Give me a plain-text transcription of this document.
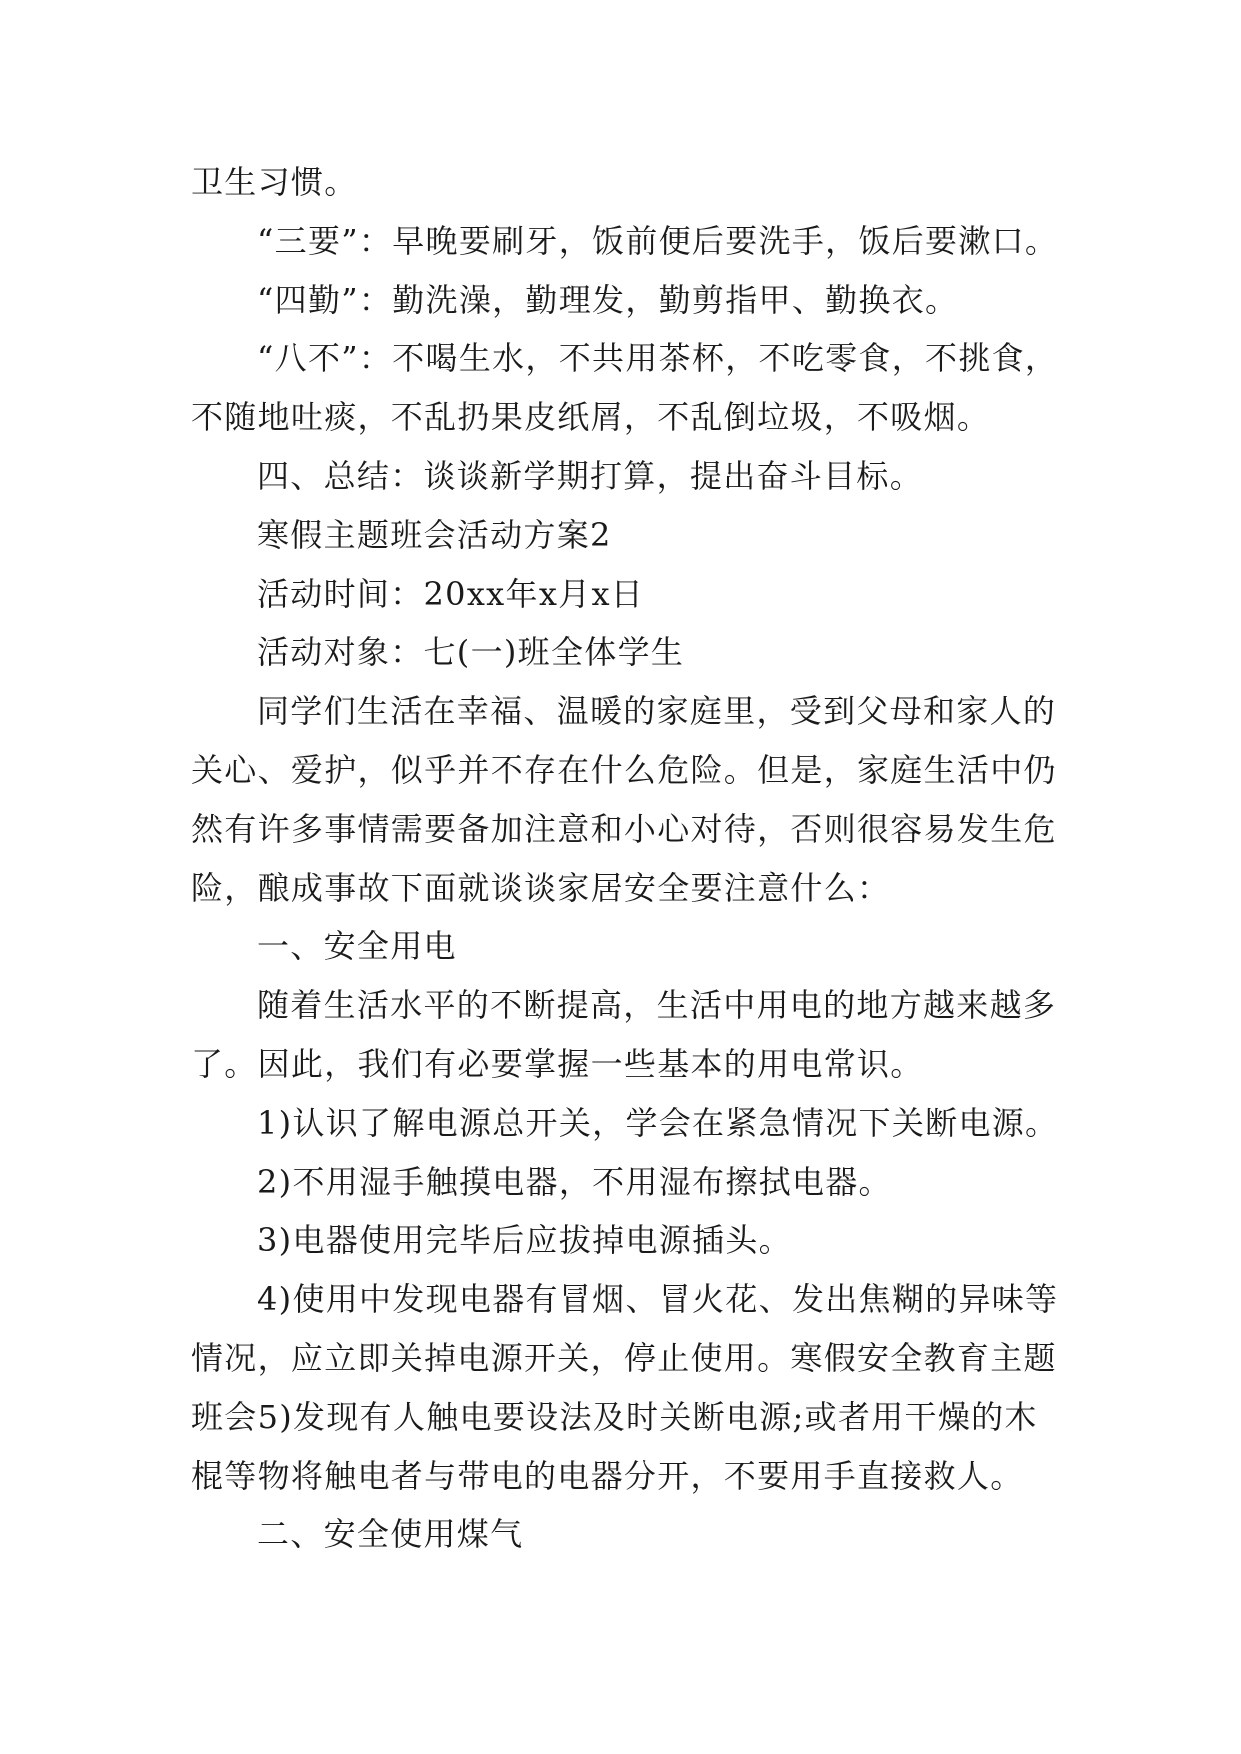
卫生习惯。
“三要”：早晚要刷牙，饭前便后要洗手，饭后要漱口。
“四勤”：勤洗澡，勤理发，勤剪指甲、勤换衣。
“八不”：不喝生水，不共用茶杯，不吃零食，不挑食，
不随地吐痰，不乱扔果皮纸屑，不乱倒垃圾，不吸烟。
四、总结：谈谈新学期打算，提出奋斗目标。
寒假主题班会活动方案2
活动时间：20xx年x月x日
活动对象：七(一)班全体学生
同学们生活在幸福、温暖的家庭里，受到父母和家人的
关心、爱护，似乎并不存在什么危险。但是，家庭生活中仍
然有许多事情需要备加注意和小心对待，否则很容易发生危
险，酿成事故下面就谈谈家居安全要注意什么：
一、安全用电
随着生活水平的不断提高，生活中用电的地方越来越多
了。因此，我们有必要掌握一些基本的用电常识。
1)认识了解电源总开关，学会在紧急情况下关断电源。
2)不用湿手触摸电器，不用湿布擦拭电器。
3)电器使用完毕后应拔掉电源插头。
4)使用中发现电器有冒烟、冒火花、发出焦糊的异味等
情况，应立即关掉电源开关，停止使用。寒假安全教育主题
班会5)发现有人触电要设法及时关断电源;或者用干燥的木
棍等物将触电者与带电的电器分开，不要用手直接救人。
二、安全使用煤气
